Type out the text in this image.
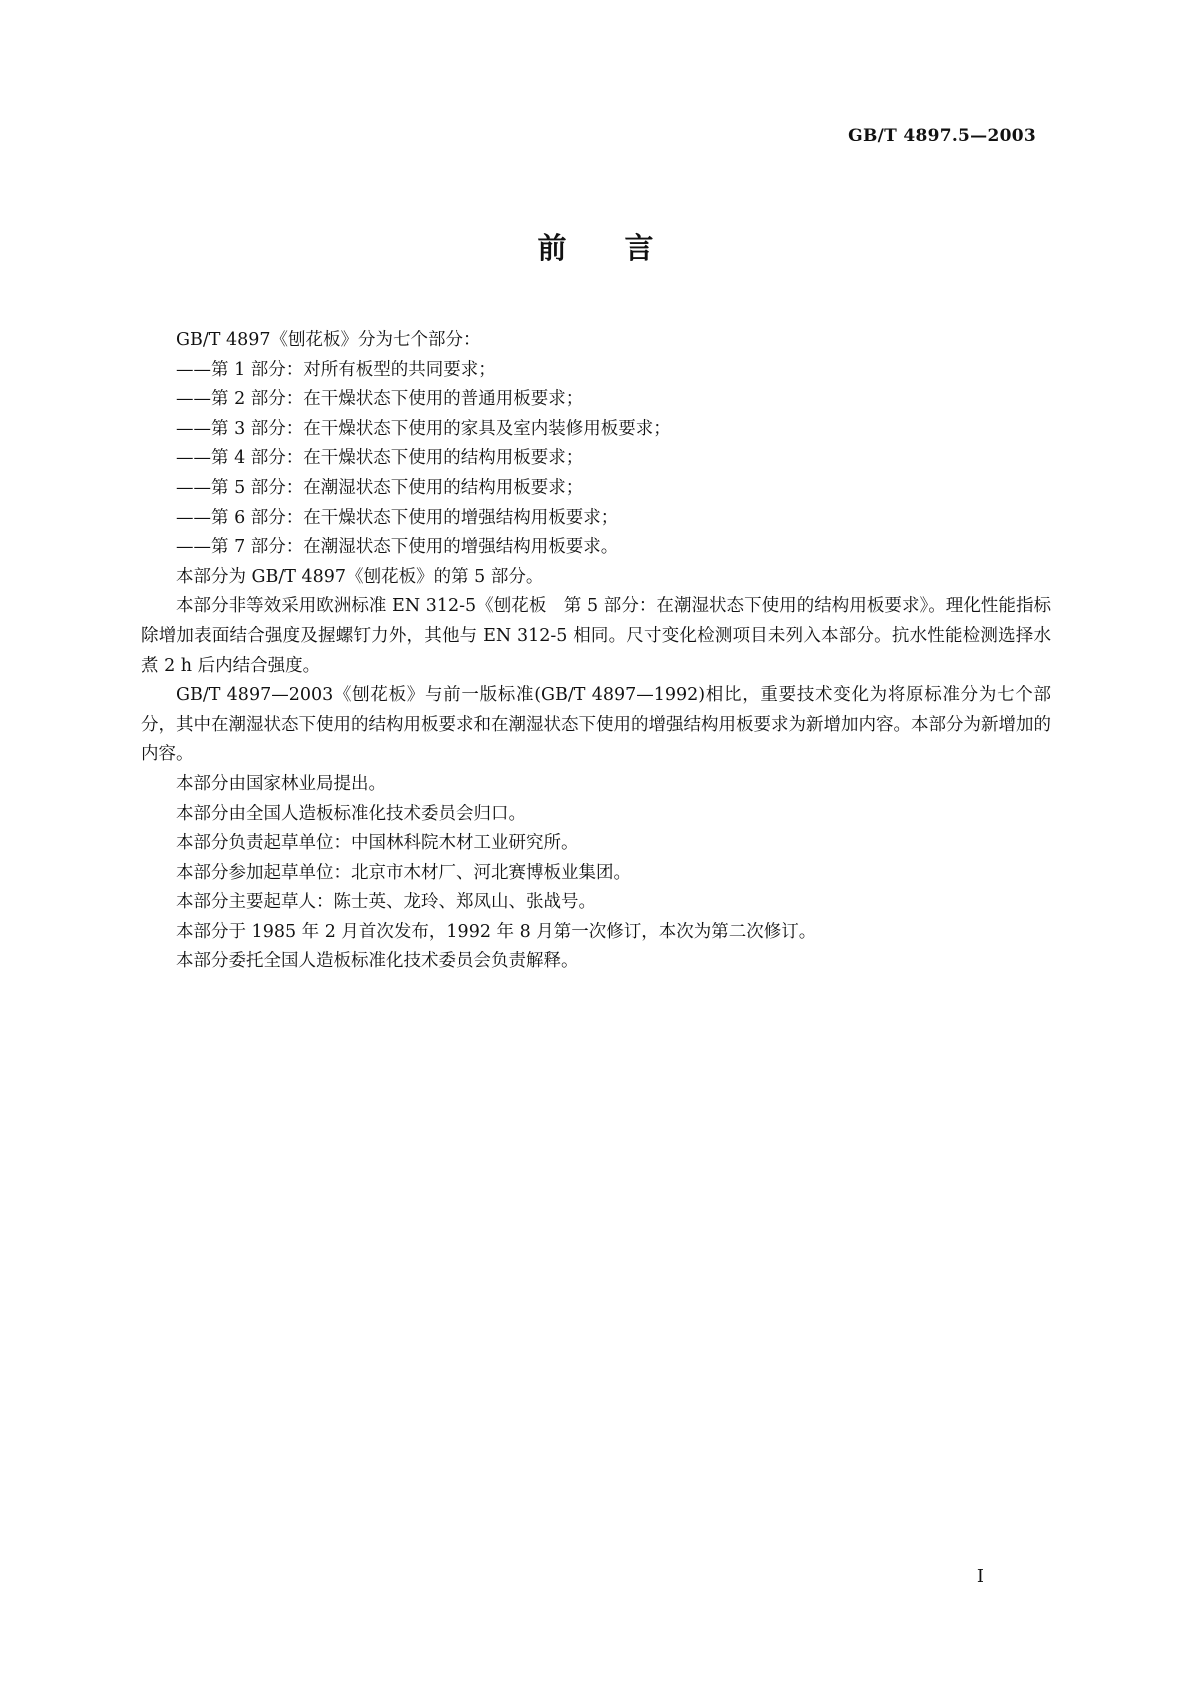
GB/T 4897.5—2003
前言
GB/T 4897《刨花板》分为七个部分：
——第 1 部分：对所有板型的共同要求；
——第 2 部分：在干燥状态下使用的普通用板要求；
——第 3 部分：在干燥状态下使用的家具及室内装修用板要求；
——第 4 部分：在干燥状态下使用的结构用板要求；
——第 5 部分：在潮湿状态下使用的结构用板要求；
——第 6 部分：在干燥状态下使用的增强结构用板要求；
——第 7 部分：在潮湿状态下使用的增强结构用板要求。
本部分为 GB/T 4897《刨花板》的第 5 部分。
本部分非等效采用欧洲标准 EN 312-5《刨花板　第 5 部分：在潮湿状态下使用的结构用板要求》。理化性能指标除增加表面结合强度及握螺钉力外，其他与 EN 312-5 相同。尺寸变化检测项目未列入本部分。抗水性能检测选择水煮 2 h 后内结合强度。
GB/T 4897—2003《刨花板》与前一版标准(GB/T 4897—1992)相比，重要技术变化为将原标准分为七个部分，其中在潮湿状态下使用的结构用板要求和在潮湿状态下使用的增强结构用板要求为新增加内容。本部分为新增加的内容。
本部分由国家林业局提出。
本部分由全国人造板标准化技术委员会归口。
本部分负责起草单位：中国林科院木材工业研究所。
本部分参加起草单位：北京市木材厂、河北赛博板业集团。
本部分主要起草人：陈士英、龙玲、郑凤山、张战号。
本部分于 1985 年 2 月首次发布，1992 年 8 月第一次修订，本次为第二次修订。
本部分委托全国人造板标准化技术委员会负责解释。
I
